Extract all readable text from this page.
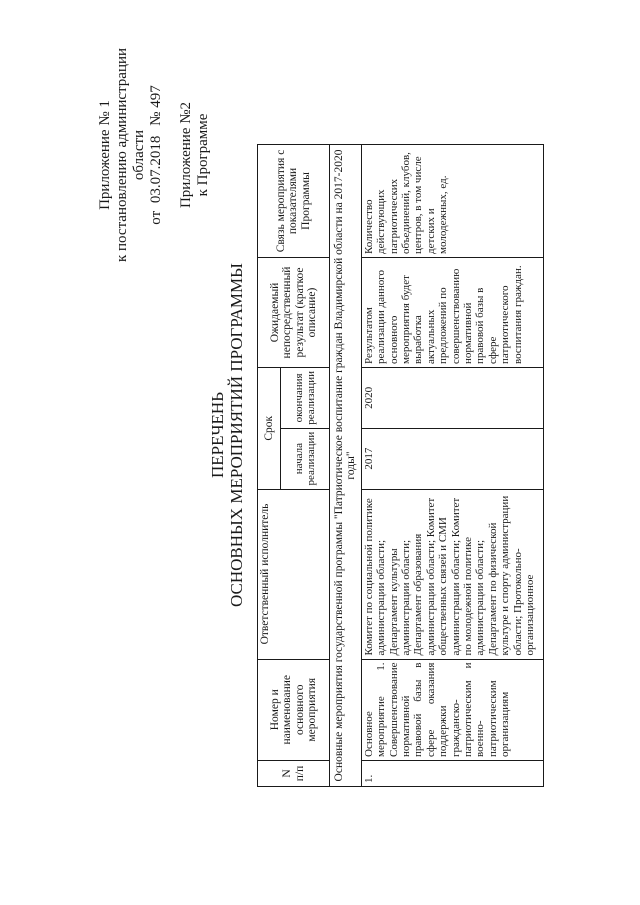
Приложение № 1 к постановлению администрации области
от 03.07.2018 № 497
Приложение №2 к Программе
ПЕРЕЧЕНЬ ОСНОВНЫХ МЕРОПРИЯТИЙ ПРОГРАММЫ
N п/п	Номер и наименование основного мероприятия	Ответственный исполнитель	Срок		Ожидаемый непосредственный результат (краткое описание)	Связь мероприятия с показателями Программы
			начала реализации	окончания реализации		
Основные мероприятия государственной программы "Патриотическое воспитание граждан Владимирской области на 2017-2020 годы"						
1.	Основное мероприятие 1. Совершенствование нормативной правовой базы в сфере оказания поддержки гражданско-патриотическим и военно-патриотическим организациям	Комитет по социальной политике администрации области; Департамент культуры администрации области; Департамент образования администрации области; Комитет общественных связей и СМИ администрации области; Комитет по молодежной политике администрации области; Департамент по физической культуре и спорту администрации области; Протокольно-организационное	2017	2020	Результатом реализации данного основного мероприятия будет выработка актуальных предложений по совершенствованию нормативной правовой базы в сфере патриотического воспитания граждан.	Количество действующих патриотических объединений, клубов, центров, в том числе детских и молодежных, ед.
